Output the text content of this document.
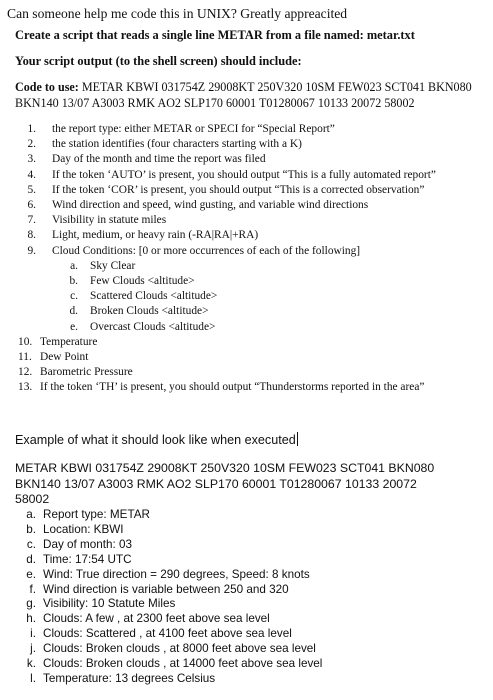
Can someone help me code this in UNIX? Greatly appreacited
Create a script that reads a single line METAR from a file named: metar.txt
Your script output (to the shell screen) should include:
Code to use: METAR KBWI 031754Z 29008KT 250V320 10SM FEW023 SCT041 BKN080
BKN140 13/07 A3003 RMK AO2 SLP170 60001 T01280067 10133 20072 58002
1. the report type: either METAR or SPECI for “Special Report”
2. the station identifies (four characters starting with a K)
3. Day of the month and time the report was filed
4. If the token ‘AUTO’ is present, you should output “This is a fully automated report”
5. If the token ‘COR’ is present, you should output “This is a corrected observation”
6. Wind direction and speed, wind gusting, and variable wind directions
7. Visibility in statute miles
8. Light, medium, or heavy rain (-RA|RA|+RA)
9. Cloud Conditions: [0 or more occurrences of each of the following]
a. Sky Clear
b. Few Clouds <altitude>
c. Scattered Clouds <altitude>
d. Broken Clouds <altitude>
e. Overcast Clouds <altitude>
10. Temperature
11. Dew Point
12. Barometric Pressure
13. If the token ‘TH’ is present, you should output “Thunderstorms reported in the area”
Example of what it should look like when executed
METAR KBWI 031754Z 29008KT 250V320 10SM FEW023 SCT041 BKN080
BKN140 13/07 A3003 RMK AO2 SLP170 60001 T01280067 10133 20072
58002
a. Report type: METAR
b. Location: KBWI
c. Day of month: 03
d. Time: 17:54 UTC
e. Wind: True direction = 290 degrees, Speed: 8 knots
f. Wind direction is variable between 250 and 320
g. Visibility: 10 Statute Miles
h. Clouds: A few , at 2300 feet above sea level
i. Clouds: Scattered , at 4100 feet above sea level
j. Clouds: Broken clouds , at 8000 feet above sea level
k. Clouds: Broken clouds , at 14000 feet above sea level
l. Temperature: 13 degrees Celsius
